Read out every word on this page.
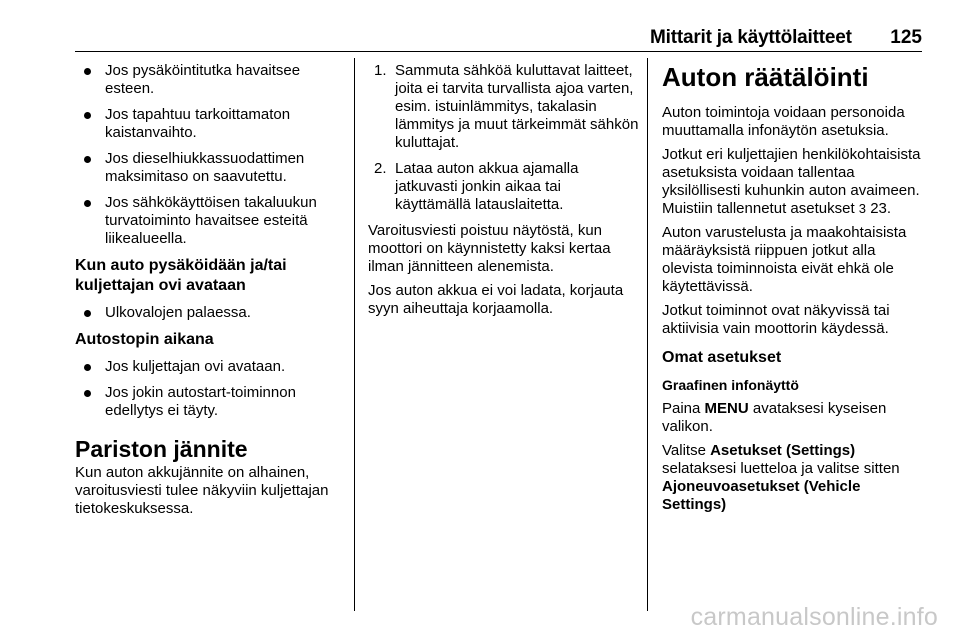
Mittarit ja käyttölaitteet 125
Jos pysäköintitutka havaitsee esteen.
Jos tapahtuu tarkoittamaton kaistanvaihto.
Jos dieselhiukkassuodattimen maksimitaso on saavutettu.
Jos sähkökäyttöisen takaluukun turvatoiminto havaitsee esteitä liikealueella.
Kun auto pysäköidään ja/tai kuljettajan ovi avataan
Ulkovalojen palaessa.
Autostopin aikana
Jos kuljettajan ovi avataan.
Jos jokin autostart-toiminnon edellytys ei täyty.
Pariston jännite
Kun auton akkujännite on alhainen, varoitusviesti tulee näkyviin kuljettajan tietokeskuksessa.
1. Sammuta sähköä kuluttavat laitteet, joita ei tarvita turvallista ajoa varten, esim. istuinlämmitys, takalasin lämmitys ja muut tärkeimmät sähkön kuluttajat.
2. Lataa auton akkua ajamalla jatkuvasti jonkin aikaa tai käyttämällä latauslaitetta.
Varoitusviesti poistuu näytöstä, kun moottori on käynnistetty kaksi kertaa ilman jännitteen alenemista.
Jos auton akkua ei voi ladata, korjauta syyn aiheuttaja korjaamolla.
Auton räätälöinti
Auton toimintoja voidaan personoida muuttamalla infonäytön asetuksia.
Jotkut eri kuljettajien henkilökohtaisista asetuksista voidaan tallentaa yksilöllisesti kuhunkin auton avaimeen. Muistiin tallennetut asetukset 3 23.
Auton varustelusta ja maakohtaisista määräyksistä riippuen jotkut alla olevista toiminnoista eivät ehkä ole käytettävissä.
Jotkut toiminnot ovat näkyvissä tai aktiivisia vain moottorin käydessä.
Omat asetukset
Graafinen infonäyttö
Paina MENU avataksesi kyseisen valikon.
Valitse Asetukset (Settings) selataksesi luetteloa ja valitse sitten Ajoneuvoasetukset (Vehicle Settings)
carmanualsonline.info
